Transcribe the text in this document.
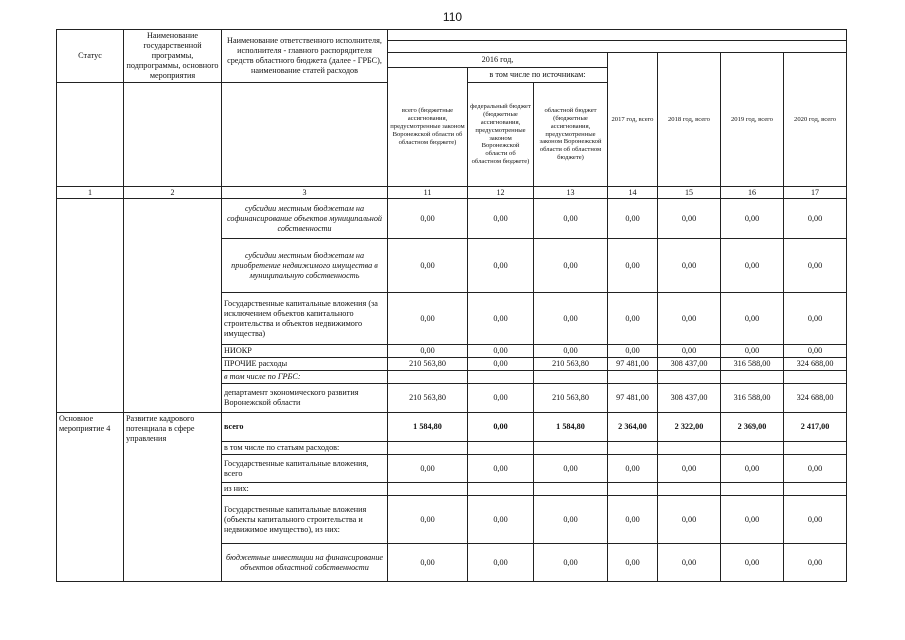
110
Статус	Наименование государственной программы, подпрограммы, основного мероприятия	Наименование ответственного исполнителя, исполнителя - главного распорядителя средств областного бюджета (далее - ГРБС), наименование статей расходов							

			2016 год,			2017 год, всего	2018 год, всего	2019 год, всего	2020 год, всего
			всего (бюджетные ассигнования, предусмотренные законом Воронежской области об областном бюджете)	в том числе по источникам:					
				федеральный бюджет (бюджетные ассигнования, предусмотренные законом Воронежской области об областном бюджете)	областной бюджет (бюджетные ассигнования, предусмотренные законом Воронежской области об областном бюджете)				
1	2	3	11	12	13	14	15	16	17
		субсидии местным бюджетам на софинансирование объектов муниципальной собственности	0,00	0,00	0,00	0,00	0,00	0,00	0,00
		субсидии местным бюджетам на приобретение недвижимого имущества в муниципальную собственность	0,00	0,00	0,00	0,00	0,00	0,00	0,00
		Государственные капитальные вложения (за исключением объектов капитального строительства и объектов недвижимого имущества)	0,00	0,00	0,00	0,00	0,00	0,00	0,00
		НИОКР	0,00	0,00	0,00	0,00	0,00	0,00	0,00
		ПРОЧИЕ расходы	210 563,80	0,00	210 563,80	97 481,00	308 437,00	316 588,00	324 688,00
		в том числе по ГРБС:							
		департамент экономического развития Воронежской области	210 563,80	0,00	210 563,80	97 481,00	308 437,00	316 588,00	324 688,00
Основное мероприятие 4	Развитие кадрового потенциала в сфере управления	всего	1 584,80	0,00	1 584,80	2 364,00	2 322,00	2 369,00	2 417,00
		в том числе по статьям расходов:							
		Государственные капитальные вложения, всего	0,00	0,00	0,00	0,00	0,00	0,00	0,00
		из них:							
		Государственные капитальные вложения (объекты капитального строительства и недвижимое имущество), из них:	0,00	0,00	0,00	0,00	0,00	0,00	0,00
		бюджетные инвестиции на финансирование объектов областной собственности	0,00	0,00	0,00	0,00	0,00	0,00	0,00
